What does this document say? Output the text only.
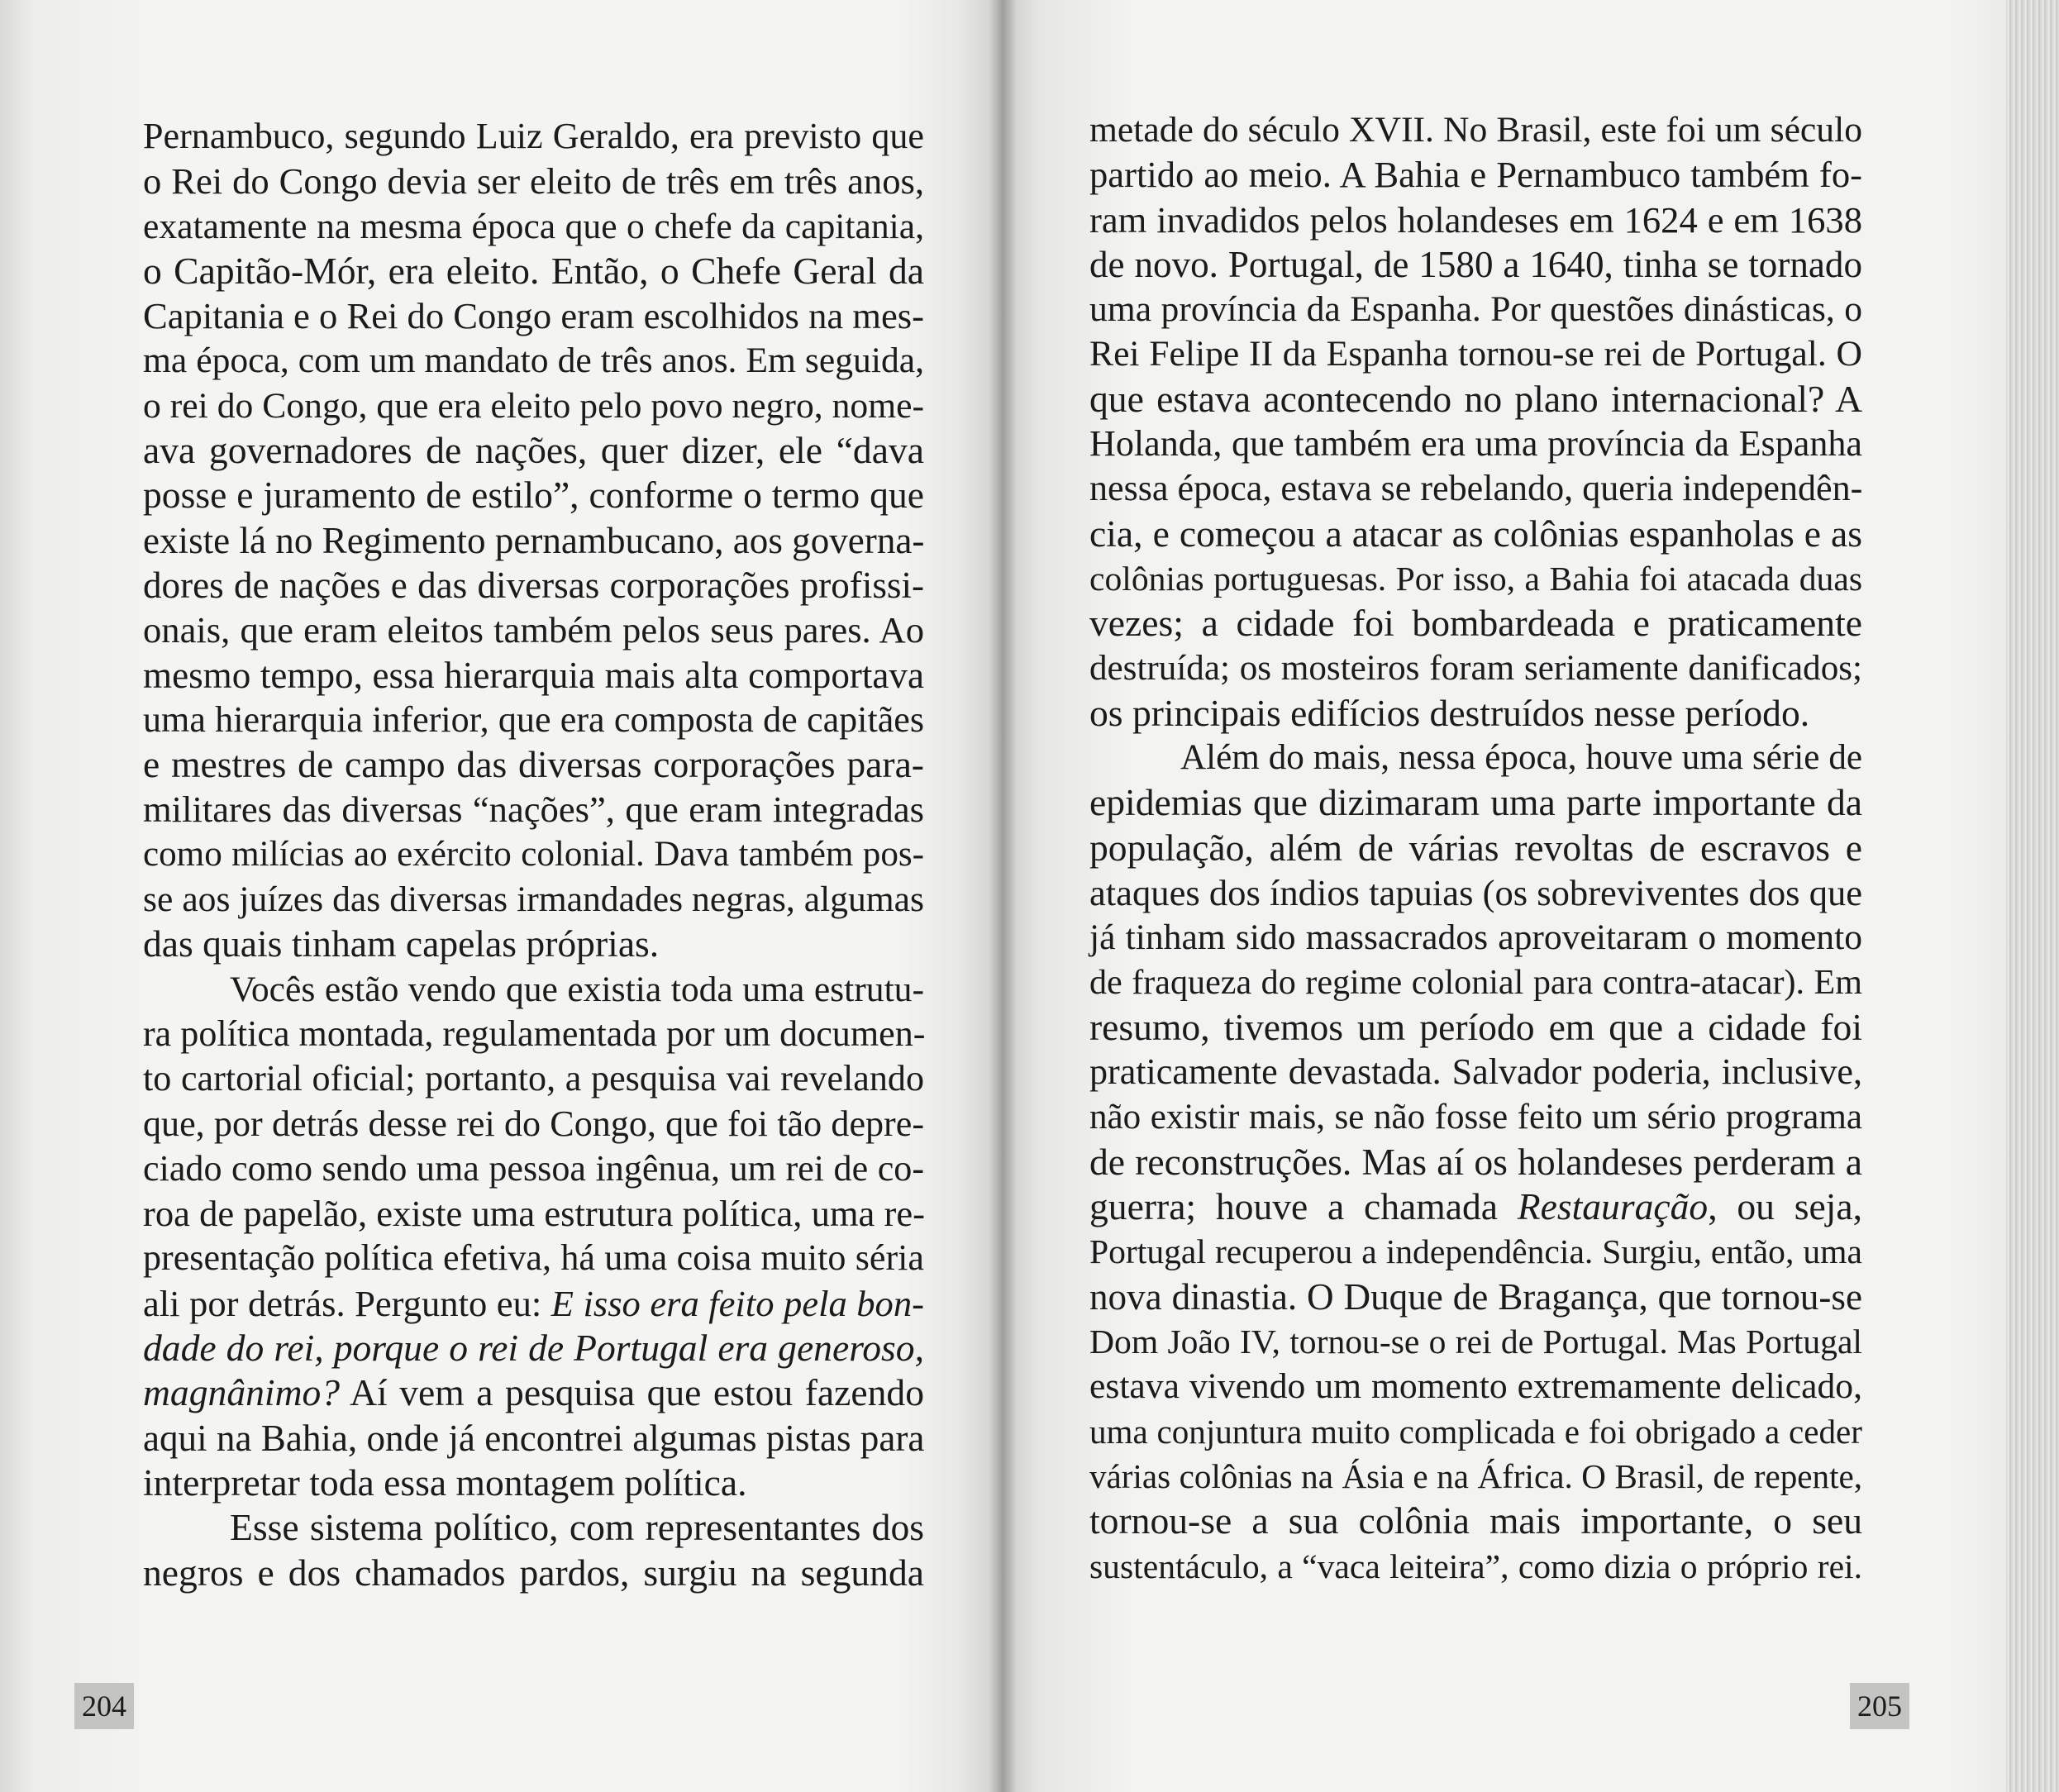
Pernambuco, segundo Luiz Geraldo, era previsto que
o Rei do Congo devia ser eleito de três em três anos,
exatamente na mesma época que o chefe da capitania,
o Capitão-Mór, era eleito. Então, o Chefe Geral da
Capitania e o Rei do Congo eram escolhidos na mes-
ma época, com um mandato de três anos. Em seguida,
o rei do Congo, que era eleito pelo povo negro, nome-
ava governadores de nações, quer dizer, ele “dava
posse e juramento de estilo”, conforme o termo que
existe lá no Regimento pernambucano, aos governa-
dores de nações e das diversas corporações profissi-
onais, que eram eleitos também pelos seus pares. Ao
mesmo tempo, essa hierarquia mais alta comportava
uma hierarquia inferior, que era composta de capitães
e mestres de campo das diversas corporações para-
militares das diversas “nações”, que eram integradas
como milícias ao exército colonial. Dava também pos-
se aos juízes das diversas irmandades negras, algumas
das quais tinham capelas próprias.
Vocês estão vendo que existia toda uma estrutu-
ra política montada, regulamentada por um documen-
to cartorial oficial; portanto, a pesquisa vai revelando
que, por detrás desse rei do Congo, que foi tão depre-
ciado como sendo uma pessoa ingênua, um rei de co-
roa de papelão, existe uma estrutura política, uma re-
presentação política efetiva, há uma coisa muito séria
ali por detrás. Pergunto eu: E isso era feito pela bon-
dade do rei, porque o rei de Portugal era generoso,
magnânimo? Aí vem a pesquisa que estou fazendo
aqui na Bahia, onde já encontrei algumas pistas para
interpretar toda essa montagem política.
Esse sistema político, com representantes dos
negros e dos chamados pardos, surgiu na segunda
204
metade do século XVII. No Brasil, este foi um século
partido ao meio. A Bahia e Pernambuco também fo-
ram invadidos pelos holandeses em 1624 e em 1638
de novo. Portugal, de 1580 a 1640, tinha se tornado
uma província da Espanha. Por questões dinásticas, o
Rei Felipe II da Espanha tornou-se rei de Portugal. O
que estava acontecendo no plano internacional? A
Holanda, que também era uma província da Espanha
nessa época, estava se rebelando, queria independên-
cia, e começou a atacar as colônias espanholas e as
colônias portuguesas. Por isso, a Bahia foi atacada duas
vezes; a cidade foi bombardeada e praticamente
destruída; os mosteiros foram seriamente danificados;
os principais edifícios destruídos nesse período.
Além do mais, nessa época, houve uma série de
epidemias que dizimaram uma parte importante da
população, além de várias revoltas de escravos e
ataques dos índios tapuias (os sobreviventes dos que
já tinham sido massacrados aproveitaram o momento
de fraqueza do regime colonial para contra-atacar). Em
resumo, tivemos um período em que a cidade foi
praticamente devastada. Salvador poderia, inclusive,
não existir mais, se não fosse feito um sério programa
de reconstruções. Mas aí os holandeses perderam a
guerra; houve a chamada Restauração, ou seja,
Portugal recuperou a independência. Surgiu, então, uma
nova dinastia. O Duque de Bragança, que tornou-se
Dom João IV, tornou-se o rei de Portugal. Mas Portugal
estava vivendo um momento extremamente delicado,
uma conjuntura muito complicada e foi obrigado a ceder
várias colônias na Ásia e na África. O Brasil, de repente,
tornou-se a sua colônia mais importante, o seu
sustentáculo, a “vaca leiteira”, como dizia o próprio rei.
205
